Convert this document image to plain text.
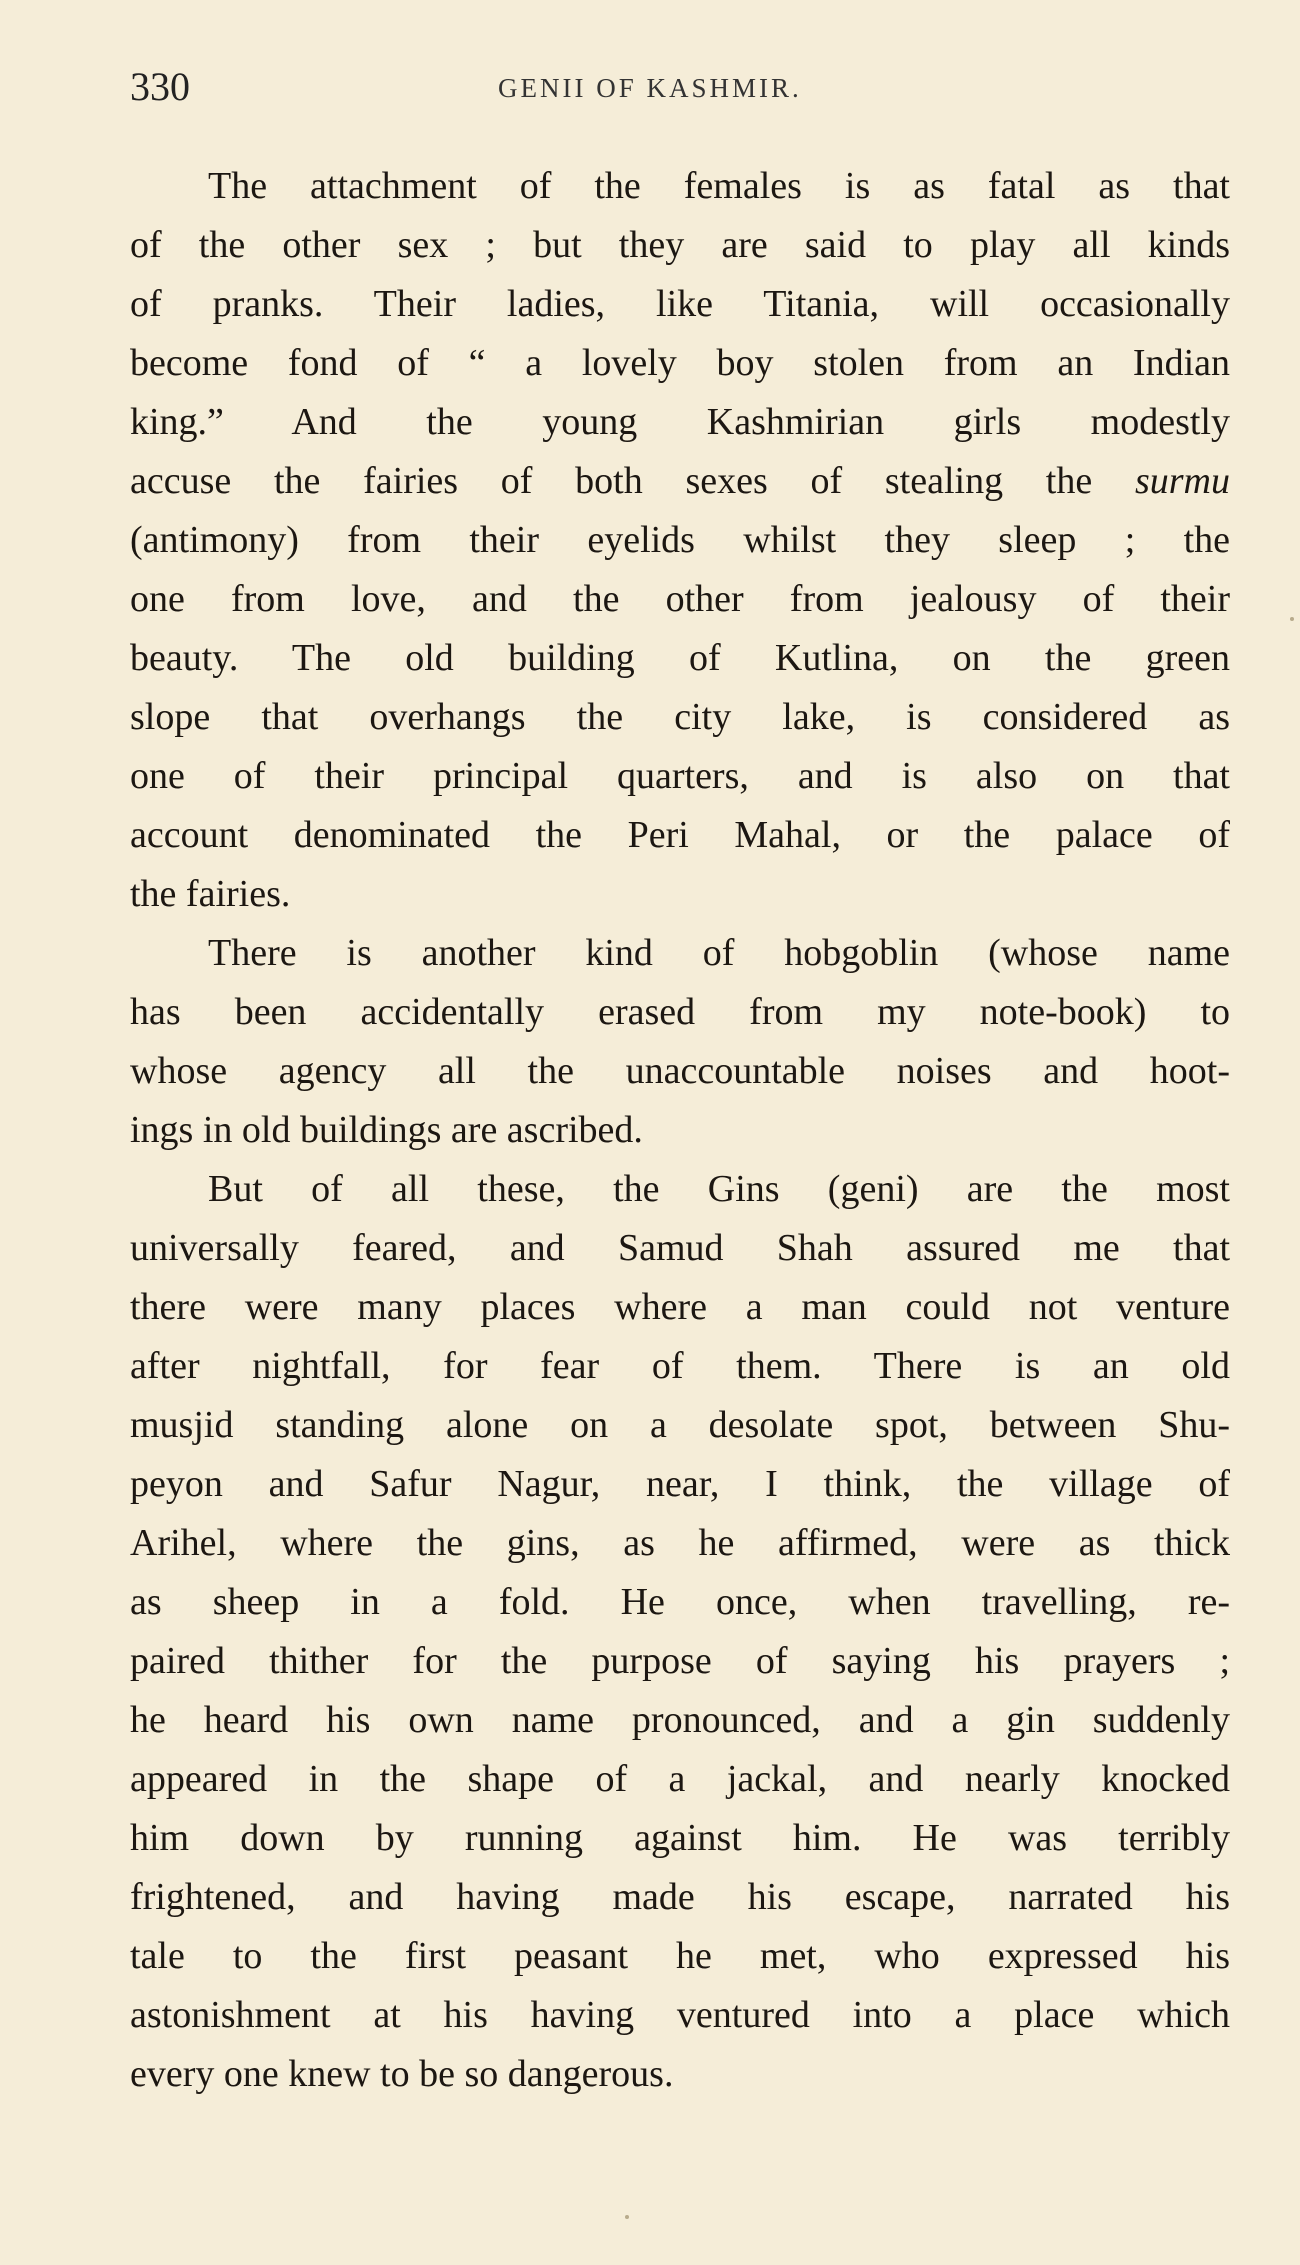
330	GENII OF KASHMIR.
The attachment of the females is as fatal as that
of the other sex ; but they are said to play all kinds
of pranks. Their ladies, like Titania, will occasionally
become fond of “ a lovely boy stolen from an Indian
king.” And the young Kashmirian girls modestly
accuse the fairies of both sexes of stealing the surmu
(antimony) from their eyelids whilst they sleep ; the
one from love, and the other from jealousy of their
beauty. The old building of Kutlina, on the green
slope that overhangs the city lake, is considered as
one of their principal quarters, and is also on that
account denominated the Peri Mahal, or the palace of
the fairies.
There is another kind of hobgoblin (whose name
has been accidentally erased from my note-book) to
whose agency all the unaccountable noises and hoot-
ings in old buildings are ascribed.
But of all these, the Gins (geni) are the most
universally feared, and Samud Shah assured me that
there were many places where a man could not venture
after nightfall, for fear of them. There is an old
musjid standing alone on a desolate spot, between Shu-
peyon and Safur Nagur, near, I think, the village of
Arihel, where the gins, as he affirmed, were as thick
as sheep in a fold. He once, when travelling, re-
paired thither for the purpose of saying his prayers ;
he heard his own name pronounced, and a gin suddenly
appeared in the shape of a jackal, and nearly knocked
him down by running against him. He was terribly
frightened, and having made his escape, narrated his
tale to the first peasant he met, who expressed his
astonishment at his having ventured into a place which
every one knew to be so dangerous.
